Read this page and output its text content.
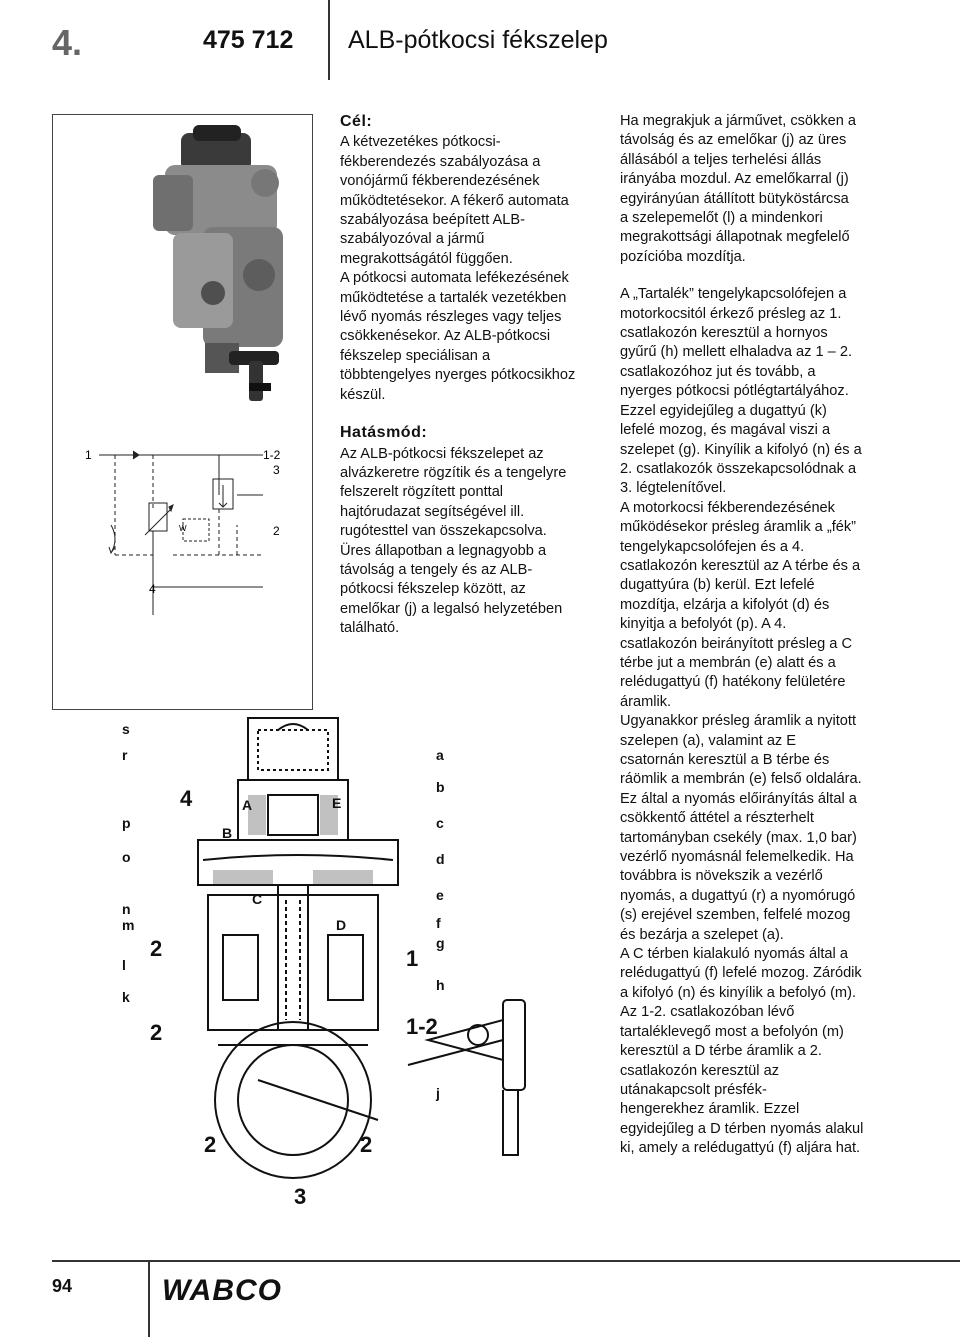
4.	475 712 ALB-pótkocsi fékszelep
1	1-2
3
2
4
W
s
r
p
o
n
m
l
k
a
b
c
d
e
f
g
h
j
A
B
C
D
E
4
2
2
2	2
1
1-2
3
Cél:

A kétvezetékes pótkocsi-
fékberendezés szabályozása a
vonójármű fékberendezésének
működtetésekor. A fékerő automata
szabályozása beépített ALB-
szabályozóval a jármű
megrakottságától függően.
A pótkocsi automata lefékezésének
működtetése a tartalék vezetékben
lévő nyomás részleges vagy teljes
csökkenésekor. Az ALB-pótkocsi
fékszelep speciálisan a
többtengelyes nyerges pótkocsikhoz
készül.

Hatásmód:

Az ALB-pótkocsi fékszelepet az
alvázkeretre rögzítik és a tengelyre
felszerelt rögzített ponttal
hajtórudazat segítségével ill.
rugótesttel van összekapcsolva.
Üres állapotban a legnagyobb a
távolság a tengely és az ALB-
pótkocsi fékszelep között, az
emelőkar (j) a legalsó helyzetében
található.

Ha megrakjuk a járművet, csökken a
távolság és az emelőkar (j) az üres
állásából a teljes terhelési állás
irányába mozdul. Az emelőkarral (j)
egyirányúan átállított bütyköstárcsa
a szelepemelőt (l) a mindenkori
megrakottsági állapotnak megfelelő
pozícióba mozdítja.

A „Tartalék” tengelykapcsolófejen a
motorkocsitól érkező présleg az 1.
csatlakozón keresztül a hornyos
gyűrű (h) mellett elhaladva az 1 – 2.
csatlakozóhoz jut és tovább, a
nyerges pótkocsi pótlégtartályához.
Ezzel egyidejűleg a dugattyú (k)
lefelé mozog, és magával viszi a
szelepet (g). Kinyílik a kifolyó (n) és a
2. csatlakozók összekapcsolódnak a
3. légtelenítővel.
A motorkocsi fékberendezésének
működésekor présleg áramlik a „fék”
tengelykapcsolófejen és a 4.
csatlakozón keresztül az A térbe és a
dugattyúra (b) kerül. Ezt lefelé
mozdítja, elzárja a kifolyót (d) és
kinyitja a befolyót (p). A 4.
csatlakozón beirányított présleg a C
térbe jut a membrán (e) alatt és a
relédugattyú (f) hatékony felületére
áramlik.
Ugyanakkor présleg áramlik a nyitott
szelepen (a), valamint az E
csatornán keresztül a B térbe és
ráömlik a membrán (e) felső oldalára.
Ez által a nyomás előirányítás által a
csökkentő áttétel a részterhelt
tartományban csekély (max. 1,0 bar)
vezérlő nyomásnál felemelkedik. Ha
továbbra is növekszik a vezérlő
nyomás, a dugattyú (r) a nyomórugó
(s) erejével szemben, felfelé mozog
és bezárja a szelepet (a).
A C térben kialakuló nyomás által a
relédugattyú (f) lefelé mozog. Záródik
a kifolyó (n) és kinyílik a befolyó (m).
Az 1-2. csatlakozóban lévő
tartaléklevegő most a befolyón (m)
keresztül a D térbe áramlik a 2.
csatlakozón keresztül az
utánakapcsolt présfék-
hengerekhez áramlik. Ezzel
egyidejűleg a D térben nyomás alakul
ki, amely a relédugattyú (f) aljára hat.

94	WABCO
